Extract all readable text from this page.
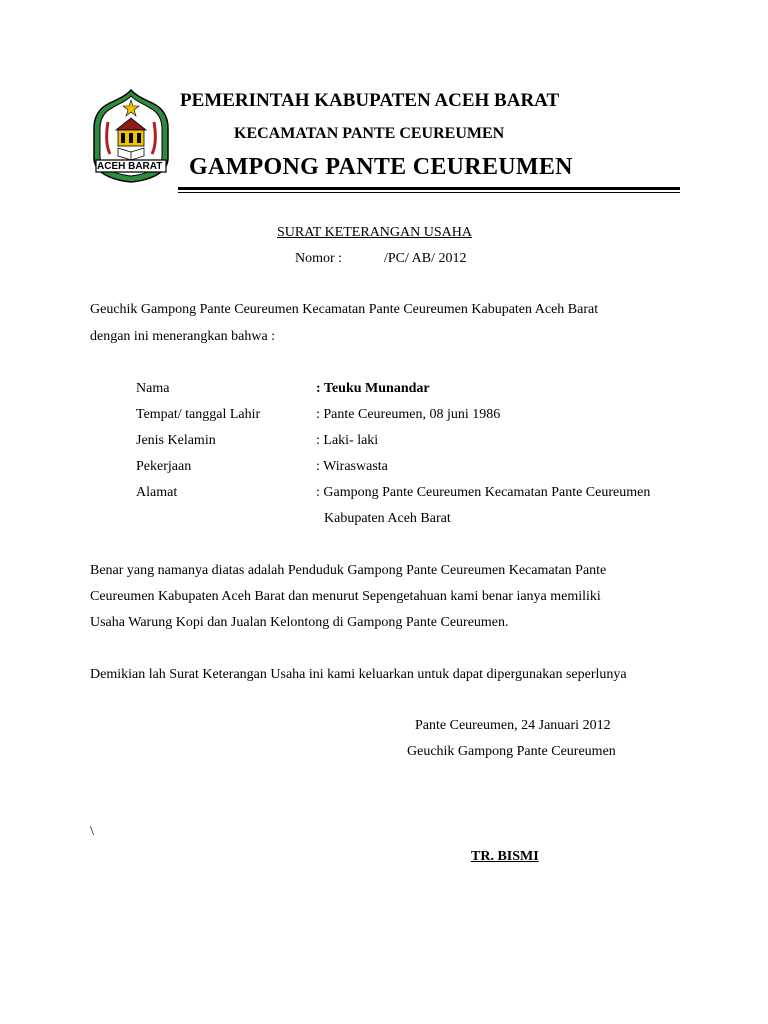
ACEH BARAT
PEMERINTAH KABUPATEN ACEH BARAT
KECAMATAN PANTE CEUREUMEN
GAMPONG PANTE CEUREUMEN
SURAT KETERANGAN USAHA
Nomor :	/PC/ AB/ 2012
Geuchik Gampong Pante Ceureumen Kecamatan Pante Ceureumen Kabupaten Aceh Barat
dengan ini menerangkan bahwa :
Nama	: Teuku Munandar
Tempat/ tanggal Lahir	: Pante Ceureumen, 08 juni 1986
Jenis Kelamin	: Laki- laki
Pekerjaan	: Wiraswasta
Alamat	: Gampong Pante Ceureumen Kecamatan Pante Ceureumen
Kabupaten Aceh Barat
Benar yang namanya diatas adalah Penduduk Gampong Pante Ceureumen Kecamatan Pante
Ceureumen Kabupaten Aceh Barat dan menurut Sepengetahuan kami benar ianya memiliki
Usaha Warung Kopi dan Jualan Kelontong di Gampong Pante Ceureumen.
Demikian lah Surat Keterangan Usaha ini kami keluarkan untuk dapat dipergunakan seperlunya
Pante Ceureumen, 24 Januari 2012
Geuchik Gampong Pante Ceureumen
\
TR. BISMI
